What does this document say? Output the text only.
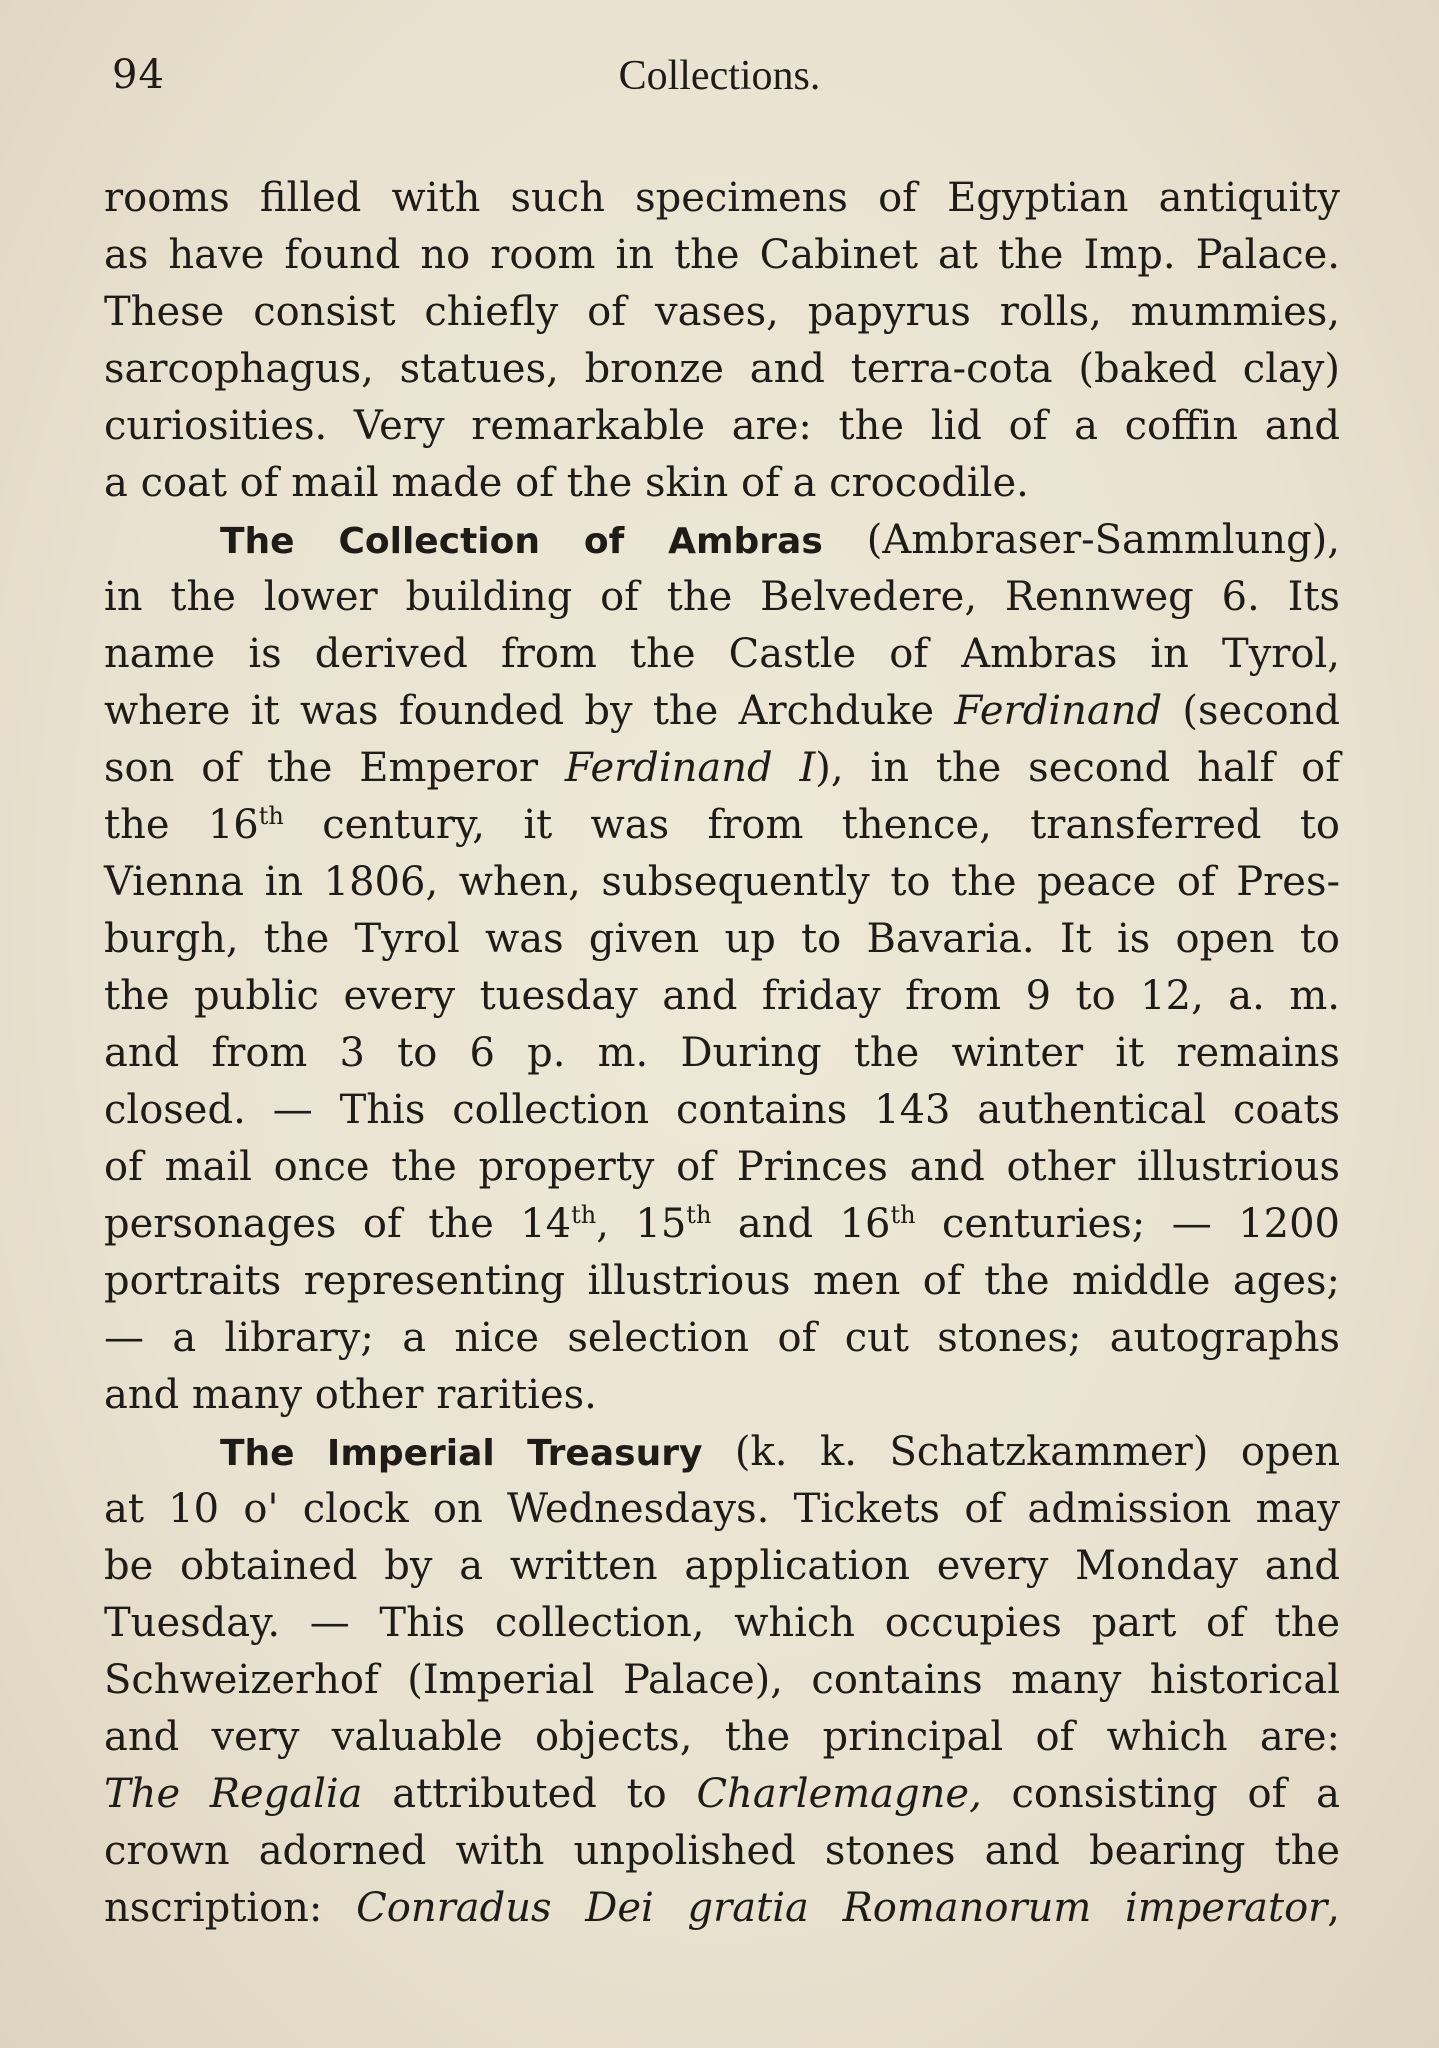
94	Collections.
rooms filled with such specimens of Egyptian antiquity
as have found no room in the Cabinet at the Imp. Palace.
These consist chiefly of vases, papyrus rolls, mummies,
sarcophagus, statues, bronze and terra-cota (baked clay)
curiosities. Very remarkable are: the lid of a coffin and
a coat of mail made of the skin of a crocodile.
The Collection of Ambras (Ambraser-Sammlung),
in the lower building of the Belvedere, Rennweg 6. Its
name is derived from the Castle of Ambras in Tyrol,
where it was founded by the Archduke Ferdinand (second
son of the Emperor Ferdinand I), in the second half of
the 16th century, it was from thence, transferred to
Vienna in 1806, when, subsequently to the peace of Pres-
burgh, the Tyrol was given up to Bavaria. It is open to
the public every tuesday and friday from 9 to 12, a. m.
and from 3 to 6 p. m. During the winter it remains
closed. — This collection contains 143 authentical coats
of mail once the property of Princes and other illustrious
personages of the 14th, 15th and 16th centuries; — 1200
portraits representing illustrious men of the middle ages;
— a library; a nice selection of cut stones; autographs
and many other rarities.
The Imperial Treasury (k. k. Schatzkammer) open
at 10 o' clock on Wednesdays. Tickets of admission may
be obtained by a written application every Monday and
Tuesday. — This collection, which occupies part of the
Schweizerhof (Imperial Palace), contains many historical
and very valuable objects, the principal of which are:
The Regalia attributed to Charlemagne, consisting of a
crown adorned with unpolished stones and bearing the
nscription: Conradus Dei gratia Romanorum imperator,
